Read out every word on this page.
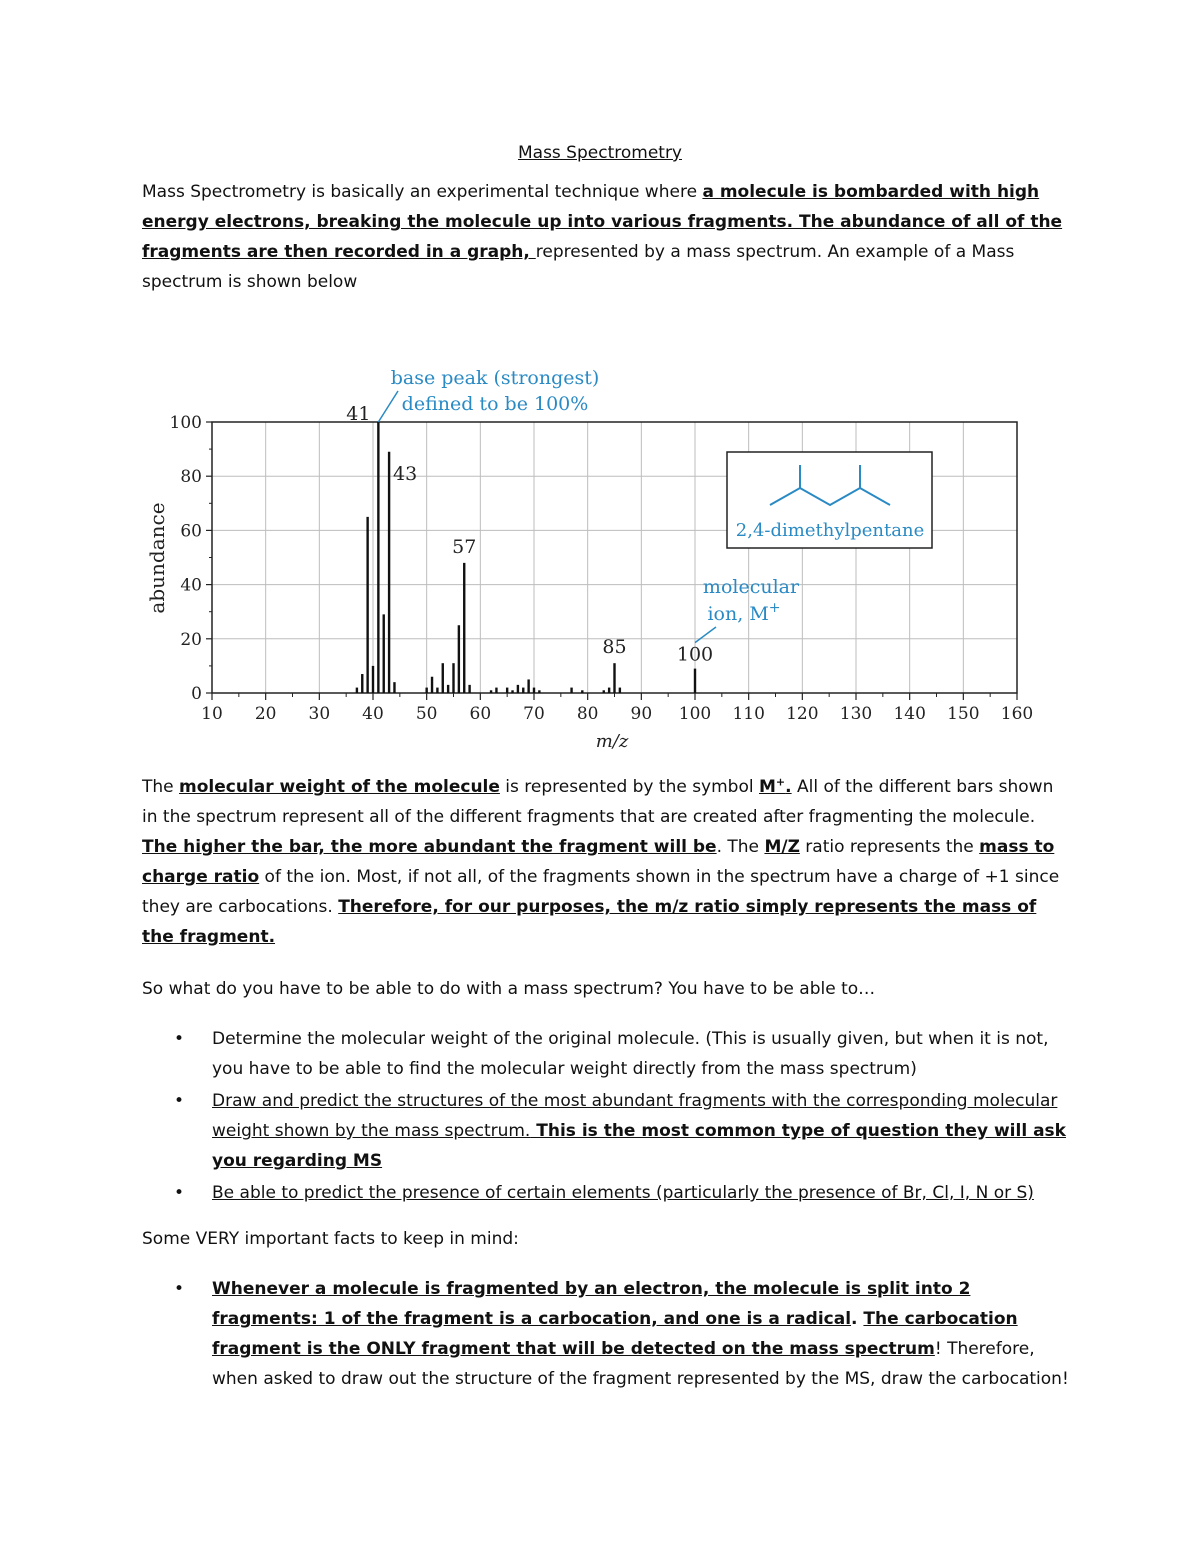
Mass Spectrometry

Mass Spectrometry is basically an experimental technique where a molecule is bombarded with high energy electrons, breaking the molecule up into various fragments. The abundance of all of the fragments are then recorded in a graph, represented by a mass spectrum. An example of a Mass spectrum is shown below

10 20 30 40 50 60 70 80 90 100 110 120 130 140 150 160
0
20
40
60
80
100	41
43
57
85	100
abundance
m/z
base peak (strongest)
defined to be 100%
molecular
ion, M+
2,4-dimethylpentane

The molecular weight of the molecule is represented by the symbol M+. All of the different bars shown in the spectrum represent all of the different fragments that are created after fragmenting the molecule. The higher the bar, the more abundant the fragment will be. The M/Z ratio represents the mass to charge ratio of the ion. Most, if not all, of the fragments shown in the spectrum have a charge of +1 since they are carbocations. Therefore, for our purposes, the m/z ratio simply represents the mass of the fragment.

So what do you have to be able to do with a mass spectrum? You have to be able to…

• Determine the molecular weight of the original molecule. (This is usually given, but when it is not, you have to be able to find the molecular weight directly from the mass spectrum)
• Draw and predict the structures of the most abundant fragments with the corresponding molecular weight shown by the mass spectrum. This is the most common type of question they will ask you regarding MS
• Be able to predict the presence of certain elements (particularly the presence of Br, Cl, I, N or S)

Some VERY important facts to keep in mind:

• Whenever a molecule is fragmented by an electron, the molecule is split into 2 fragments: 1 of the fragment is a carbocation, and one is a radical. The carbocation fragment is the ONLY fragment that will be detected on the mass spectrum! Therefore, when asked to draw out the structure of the fragment represented by the MS, draw the carbocation!
